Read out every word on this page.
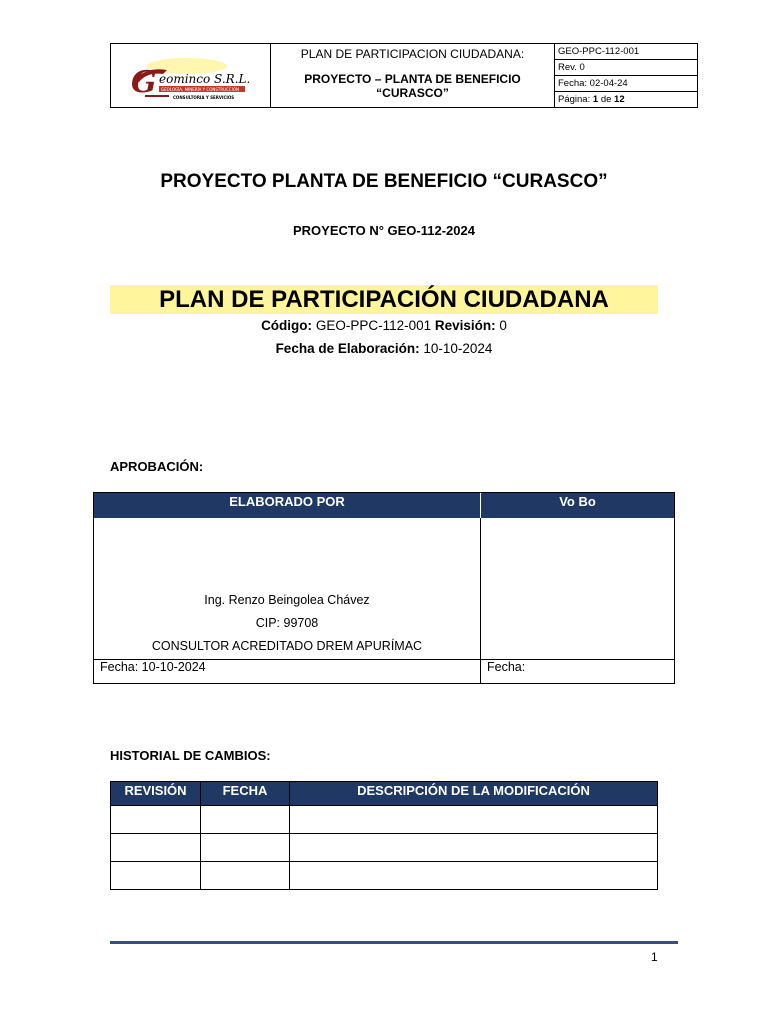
G eominco S.R.L.
GEOLOGÍA, MINERÍA Y CONSTRUCCIÓN
CONSULTORIA Y SERVICIOS
PLAN DE PARTICIPACION CIUDADANA:
PROYECTO – PLANTA DE BENEFICIO
“CURASCO”
GEO-PPC-112-001
Rev. 0
Fecha: 02-04-24
Página:
1
de
12
PROYECTO PLANTA DE BENEFICIO “CURASCO”
PROYECTO N° GEO-112-2024
PLAN DE PARTICIPACIÓN CIUDADANA
Código: GEO-PPC-112-001 Revisión: 0
Fecha de Elaboración: 10-10-2024
APROBACIÓN:
ELABORADO POR	Vo Bo
Ing. Renzo Beingolea Chávez
CIP: 99708
CONSULTOR ACREDITADO DREM APURÍMAC
Fecha: 10-10-2024	Fecha:
HISTORIAL DE CAMBIOS:
REVISIÓN	FECHA	DESCRIPCIÓN DE LA MODIFICACIÓN

1
